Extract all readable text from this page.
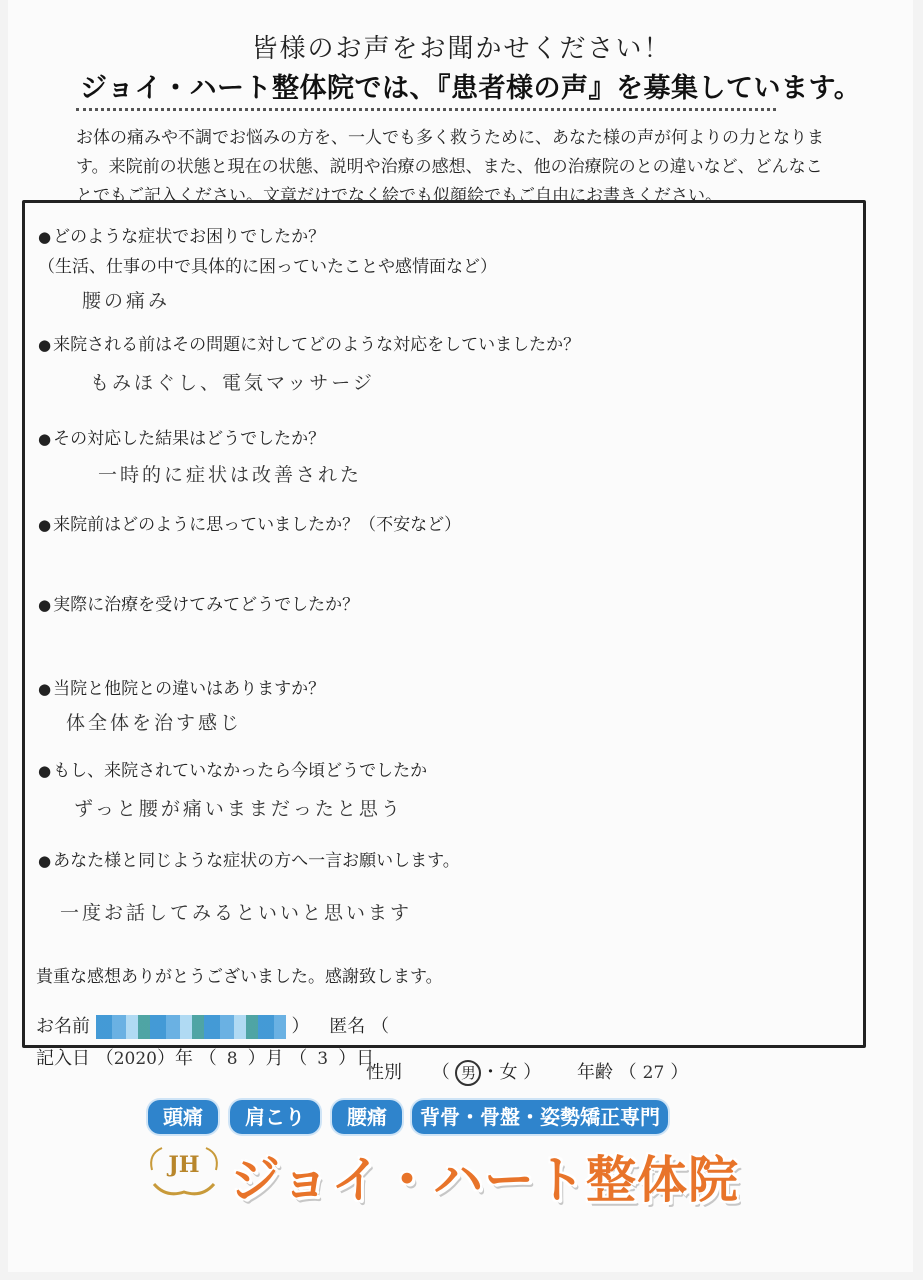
皆様のお声をお聞かせください！
ジョイ・ハート整体院では、『患者様の声』を募集しています。
お体の痛みや不調でお悩みの方を、一人でも多く救うために、あなた様の声が何よりの力となりま
す。来院前の状態と現在の状態、説明や治療の感想、また、他の治療院のとの違いなど、どんなこ
とでもご記入ください。文章だけでなく絵でも似顔絵でもご自由にお書きください。
● どのような症状でお困りでしたか？
（生活、仕事の中で具体的に困っていたことや感情面など）
腰の痛み
● 来院される前はその問題に対してどのような対応をしていましたか？
もみほぐし、電気マッサージ
● その対応した結果はどうでしたか？
一時的に症状は改善された
● 来院前はどのように思っていましたか？（不安など）
● 実際に治療を受けてみてどうでしたか？
● 当院と他院との違いはありますか？
体全体を治す感じ
● もし、来院されていなかったら今頃どうでしたか
ずっと腰が痛いままだったと思う
● あなた様と同じような症状の方へ一言お願いします。
一度お話してみるといいと思います
貴重な感想ありがとうございました。感謝致します。
お名前	） 匿名 （
記入日 （2020）年 （ 8 ）月 （ 3 ）日
性別 （ 男 ・女 ） 年齢 （ 27 ）
頭痛	肩こり	腰痛	背骨・骨盤・姿勢矯正専門
JH ジョイ・ハート整体院
